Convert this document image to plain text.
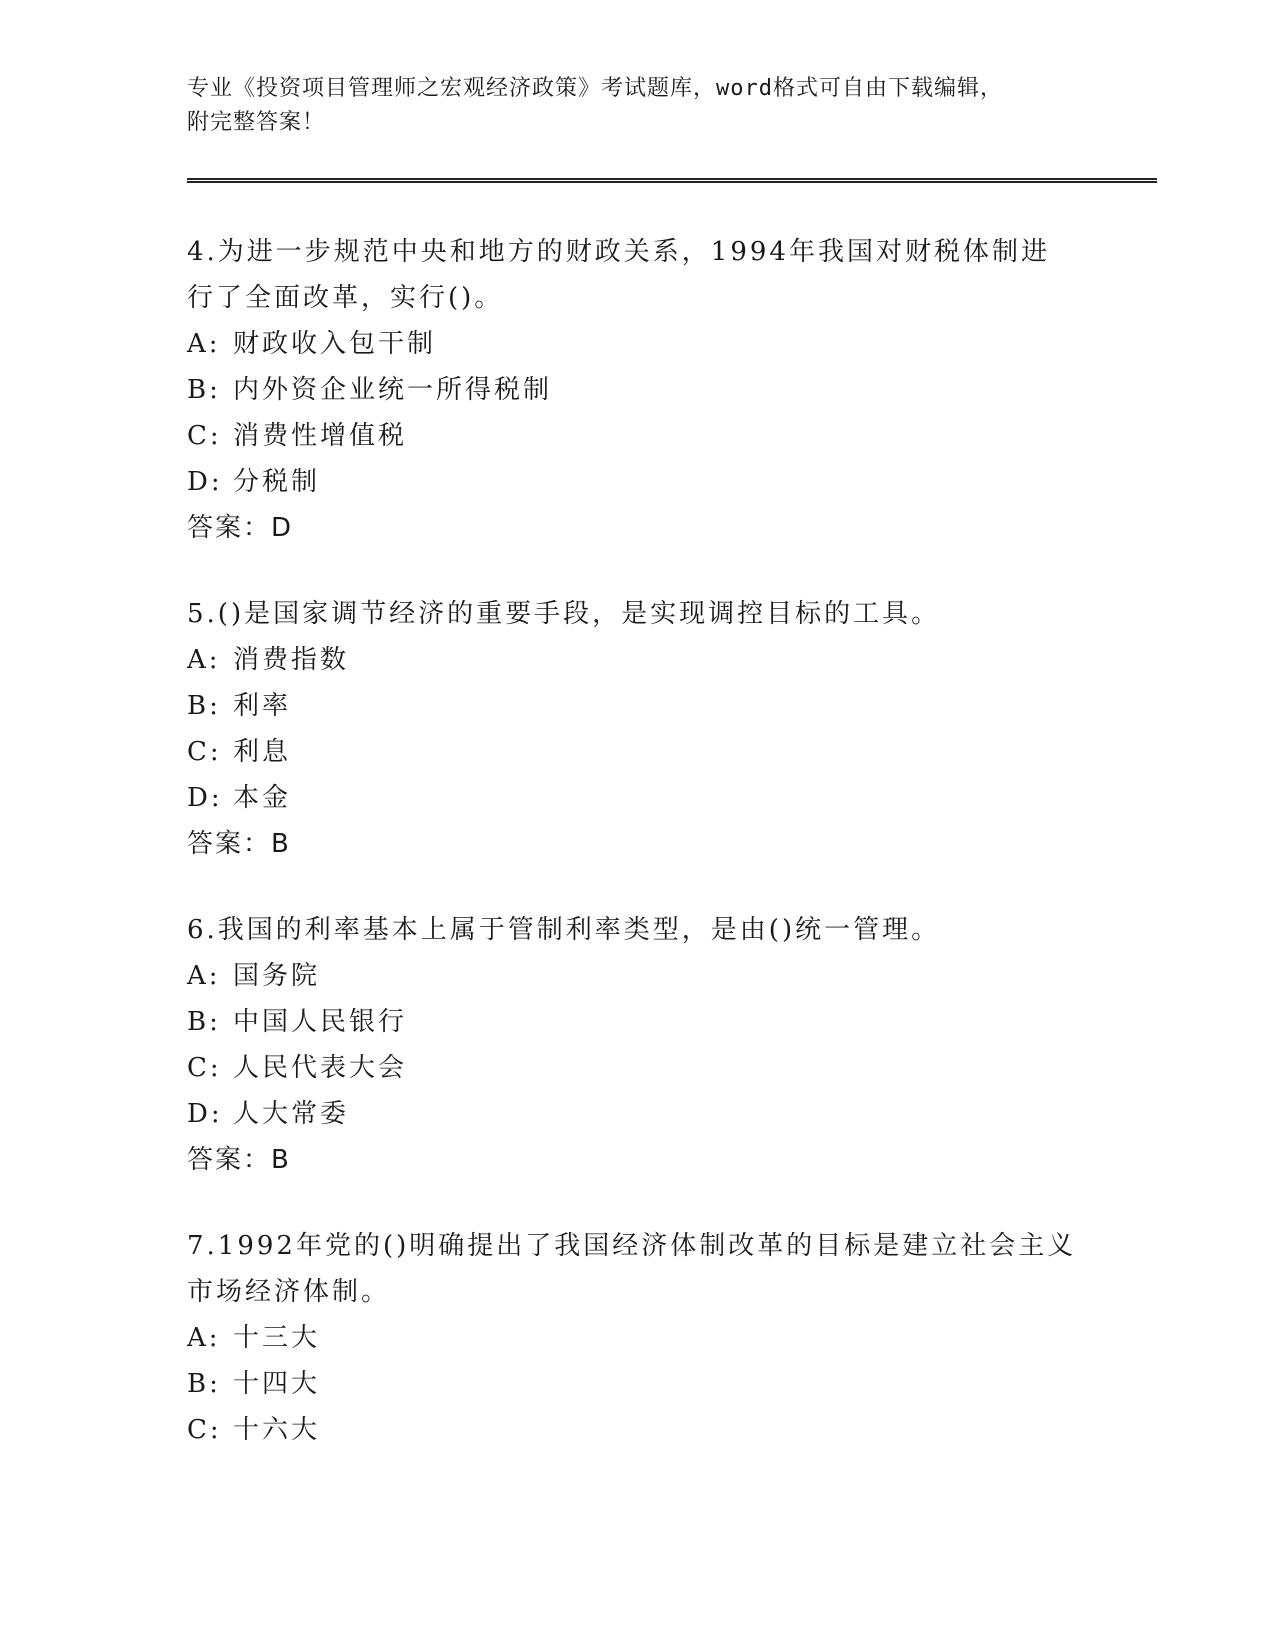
专业《投资项目管理师之宏观经济政策》考试题库，word格式可自由下载编辑，
附完整答案！

4.为进一步规范中央和地方的财政关系，1994年我国对财税体制进行了全面改革，实行()。

A: 财政收入包干制

B: 内外资企业统一所得税制

C: 消费性增值税

D: 分税制

答案：D

5.()是国家调节经济的重要手段，是实现调控目标的工具。

A: 消费指数

B: 利率

C: 利息

D: 本金

答案：B

6.我国的利率基本上属于管制利率类型，是由()统一管理。

A: 国务院

B: 中国人民银行

C: 人民代表大会

D: 人大常委

答案：B

7.1992年党的()明确提出了我国经济体制改革的目标是建立社会主义市场经济体制。

A: 十三大

B: 十四大

C: 十六大
